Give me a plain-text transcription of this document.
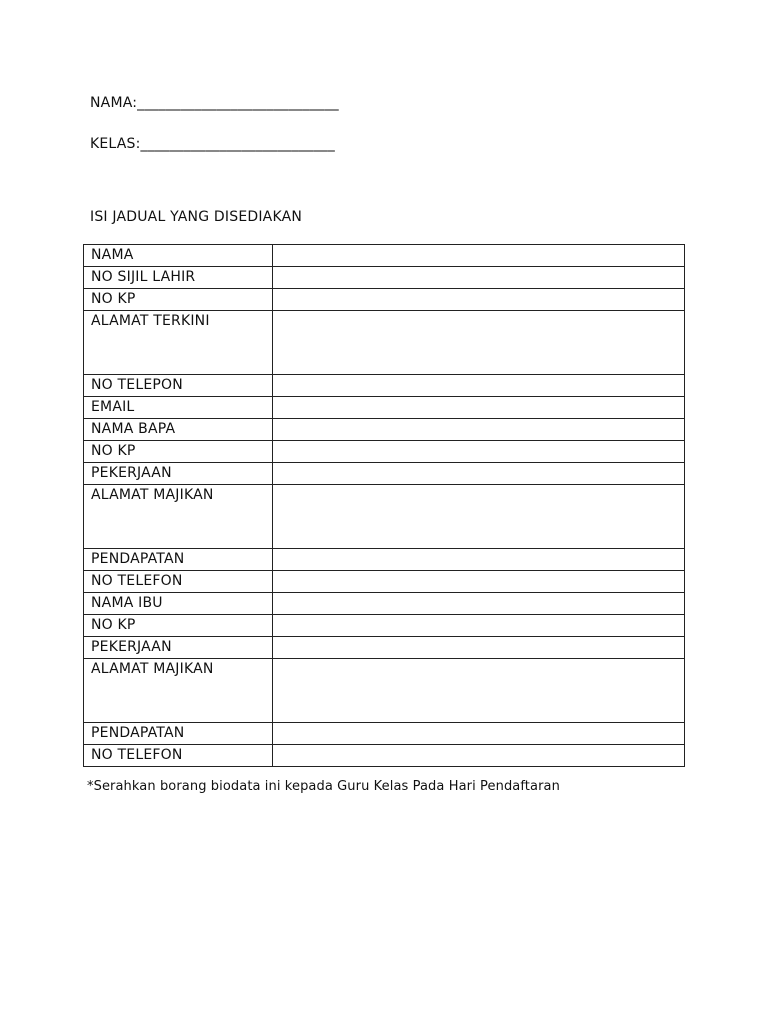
NAMA:____________________________
KELAS:___________________________
ISI JADUAL YANG DISEDIAKAN
NAMA	
NO SIJIL LAHIR	
NO KP	
ALAMAT TERKINI	
NO TELEPON	
EMAIL	
NAMA BAPA	
NO KP	
PEKERJAAN	
ALAMAT MAJIKAN	
PENDAPATAN	
NO TELEFON	
NAMA IBU	
NO KP	
PEKERJAAN	
ALAMAT MAJIKAN	
PENDAPATAN	
NO TELEFON	
*Serahkan borang biodata ini kepada Guru Kelas Pada Hari Pendaftaran
